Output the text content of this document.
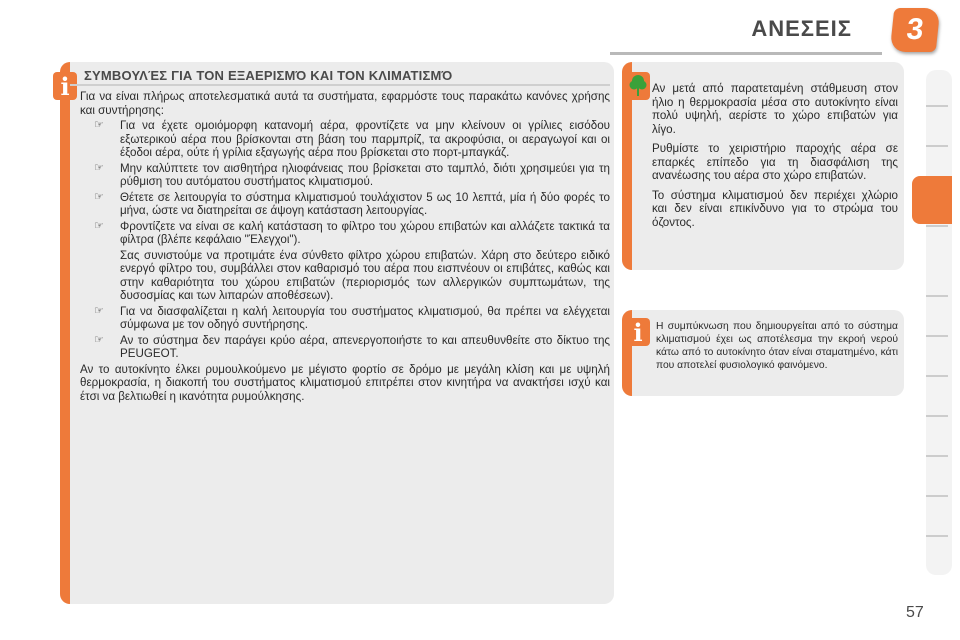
ΑΝΕΣΕΙΣ	3
i	ΣΥΜΒΟΥΛΈΣ ΓΙΑ ΤΟΝ ΕΞΑΕΡΙΣΜΌ ΚΑΙ ΤΟΝ ΚΛΙΜΑΤΙΣΜΌ

Για να είναι πλήρως αποτελεσματικά αυτά τα συστήματα, εφαρμόστε τους παρακάτω κανόνες χρήσης και συντήρησης:

☞ Για να έχετε ομοιόμορφη κατανομή αέρα, φροντίζετε να μην κλείνουν οι γρίλιες εισόδου εξωτερικού αέρα που βρίσκονται στη βάση του παρμπρίζ, τα ακροφύσια, οι αεραγωγοί και οι έξοδοι αέρα, ούτε ή γρίλια εξαγωγής αέρα που βρίσκεται στο πορτ-μπαγκάζ.
☞ Μην καλύπτετε τον αισθητήρα ηλιοφάνειας που βρίσκεται στο ταμπλό, διότι χρησιμεύει για τη ρύθμιση του αυτόματου συστήματος κλιματισμού.
☞ Θέτετε σε λειτουργία το σύστημα κλιματισμού τουλάχιστον 5 ως 10 λεπτά, μία ή δύο φορές το μήνα, ώστε να διατηρείται σε άψογη κατάσταση λειτουργίας.
☞ Φροντίζετε να είναι σε καλή κατάσταση το φίλτρο του χώρου επιβατών και αλλάζετε τακτικά τα φίλτρα (βλέπε κεφάλαιο "Έλεγχοι").

Σας συνιστούμε να προτιμάτε ένα σύνθετο φίλτρο χώρου επιβατών. Χάρη στο δεύτερο ειδικό ενεργό φίλτρο του, συμβάλλει στον καθαρισμό του αέρα που εισπνέουν οι επιβάτες, καθώς και στην καθαριότητα του χώρου επιβατών (περιορισμός των αλλεργικών συμπτωμάτων, της δυσοσμίας και των λιπαρών αποθέσεων).

☞ Για να διασφαλίζεται η καλή λειτουργία του συστήματος κλιματισμού, θα πρέπει να ελέγχεται σύμφωνα με τον οδηγό συντήρησης.
☞ Αν το σύστημα δεν παράγει κρύο αέρα, απενεργοποιήστε το και απευθυνθείτε στο δίκτυο της PEUGEOT.

Αν το αυτοκίνητο έλκει ρυμουλκούμενο με μέγιστο φορτίο σε δρόμο με μεγάλη κλίση και με υψηλή θερμοκρασία, η διακοπή του συστήματος κλιματισμού επιτρέπει στον κινητήρα να ανακτήσει ισχύ και έτσι να βελτιωθεί η ικανότητα ρυμούλκησης.

Αν μετά από παρατεταμένη στάθμευση στον ήλιο η θερμοκρασία μέσα στο αυτοκίνητο είναι πολύ υψηλή, αερίστε το χώρο επιβατών για λίγο.

Ρυθμίστε το χειριστήριο παροχής αέρα σε επαρκές επίπεδο για τη διασφάλιση της ανανέωσης του αέρα στο χώρο επιβατών.

Το σύστημα κλιματισμού δεν περιέχει χλώριο και δεν είναι επικίνδυνο για το στρώμα του όζοντος.

i	Η συμπύκνωση που δημιουργείται από το σύστημα κλιματισμού έχει ως αποτέλεσμα την εκροή νερού κάτω από το αυτοκίνητο όταν είναι σταματημένο, κάτι που αποτελεί φυσιολογικό φαινόμενο.
57
